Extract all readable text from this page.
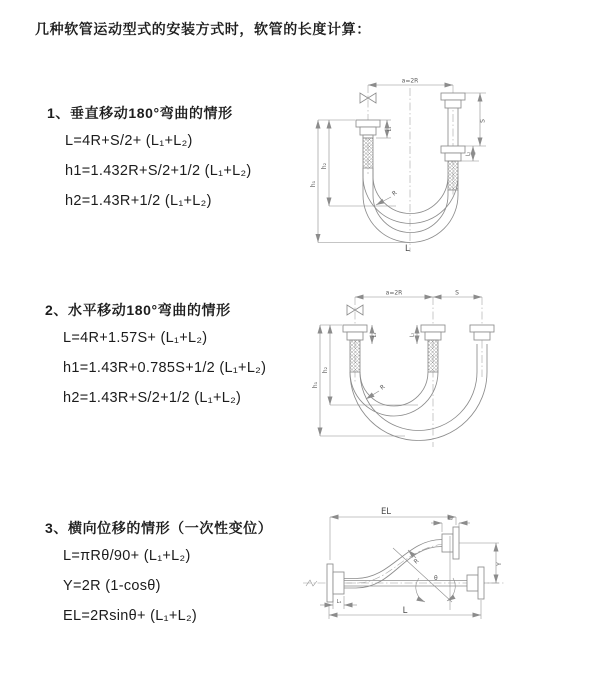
几种软管运动型式的安装方式时，软管的长度计算：
1、垂直移动180°弯曲的情形
L=4R+S/2+ (L₁+L₂)
h1=1.432R+S/2+1/2 (L₁+L₂)
h2=1.43R+1/2 (L₁+L₂)
2、水平移动180°弯曲的情形
L=4R+1.57S+ (L₁+L₂)
h1=1.43R+0.785S+1/2 (L₁+L₂)
h2=1.43R+S/2+1/2 (L₁+L₂)
3、横向位移的情形（一次性变位）
L=πRθ/90+ (L₁+L₂)
Y=2R (1-cosθ)
EL=2Rsinθ+ (L₁+L₂)
a=2R
L₁
S
L₂
h₁
h₂
R
L
a=2R	S
L₁	L₂
h₁
h₂
R
EL
L₂
θ
R	Y
L₁
L
